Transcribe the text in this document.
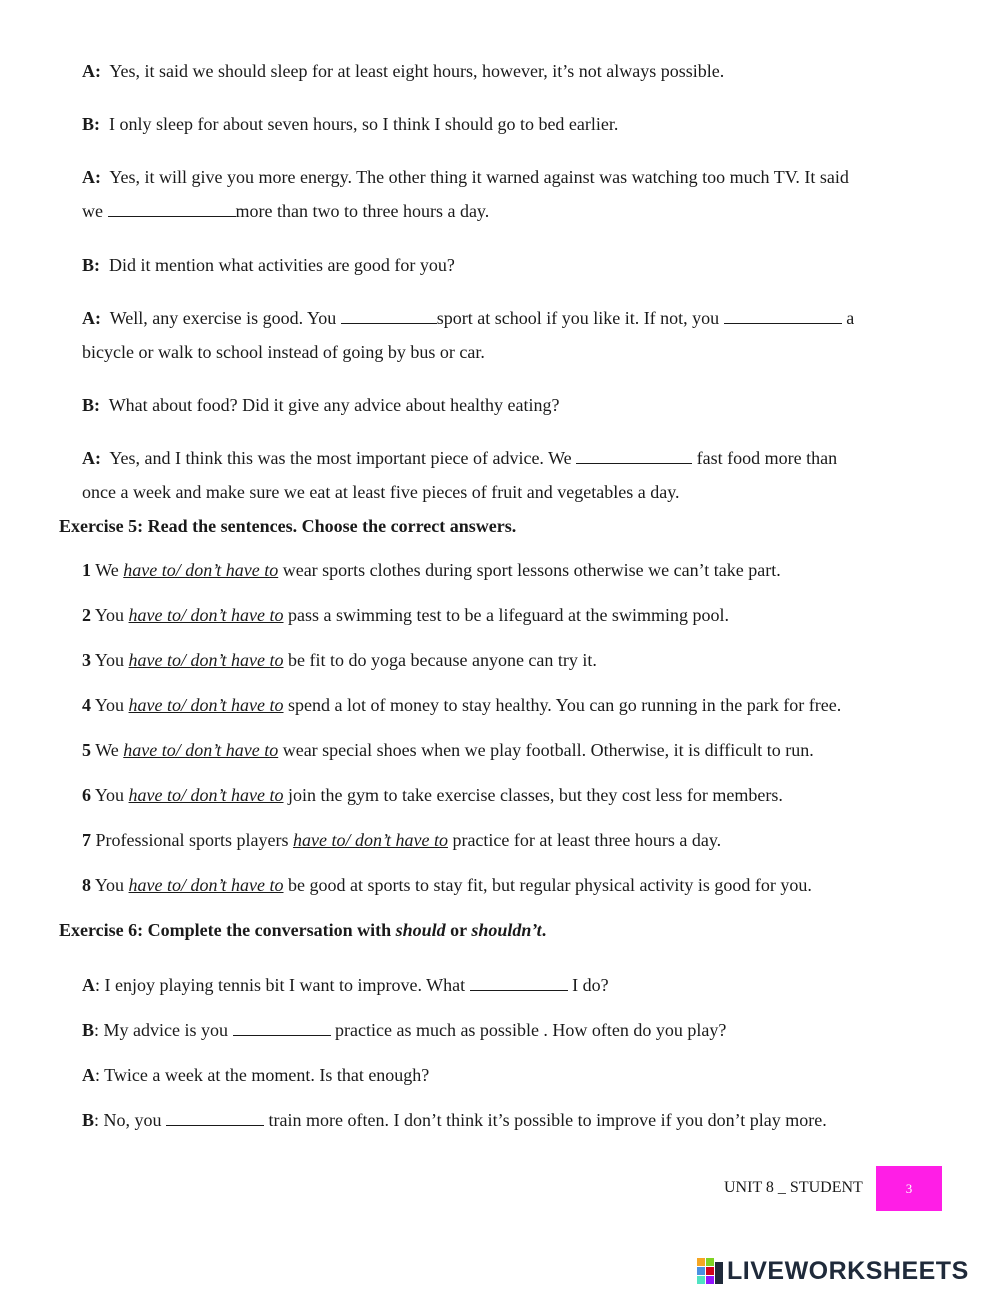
A: Yes, it said we should sleep for at least eight hours, however, it’s not always possible.
B: I only sleep for about seven hours, so I think I should go to bed earlier.
A: Yes, it will give you more energy. The other thing it warned against was watching too much TV. It said
we	more than two to three hours a day.
B: Did it mention what activities are good for you?
A: Well, any exercise is good. You	sport at school if you like it. If not, you	a
bicycle or walk to school instead of going by bus or car.
B: What about food? Did it give any advice about healthy eating?
A: Yes, and I think this was the most important piece of advice. We	fast food more than
once a week and make sure we eat at least five pieces of fruit and vegetables a day.
Exercise 5: Read the sentences. Choose the correct answers.
1 We have to/ don’t have to wear sports clothes during sport lessons otherwise we can’t take part.
2 You have to/ don’t have to pass a swimming test to be a lifeguard at the swimming pool.
3 You have to/ don’t have to be fit to do yoga because anyone can try it.
4 You have to/ don’t have to spend a lot of money to stay healthy. You can go running in the park for free.
5 We have to/ don’t have to wear special shoes when we play football. Otherwise, it is difficult to run.
6 You have to/ don’t have to join the gym to take exercise classes, but they cost less for members.
7 Professional sports players have to/ don’t have to practice for at least three hours a day.
8 You have to/ don’t have to be good at sports to stay fit, but regular physical activity is good for you.
Exercise 6: Complete the conversation with should or shouldn’t.
A: I enjoy playing tennis bit I want to improve. What	I do?
B: My advice is you	practice as much as possible . How often do you play?
A: Twice a week at the moment. Is that enough?
B: No, you	train more often. I don’t think it’s possible to improve if you don’t play more.
UNIT 8 _ STUDENT	3
LIVEWORKSHEETS
